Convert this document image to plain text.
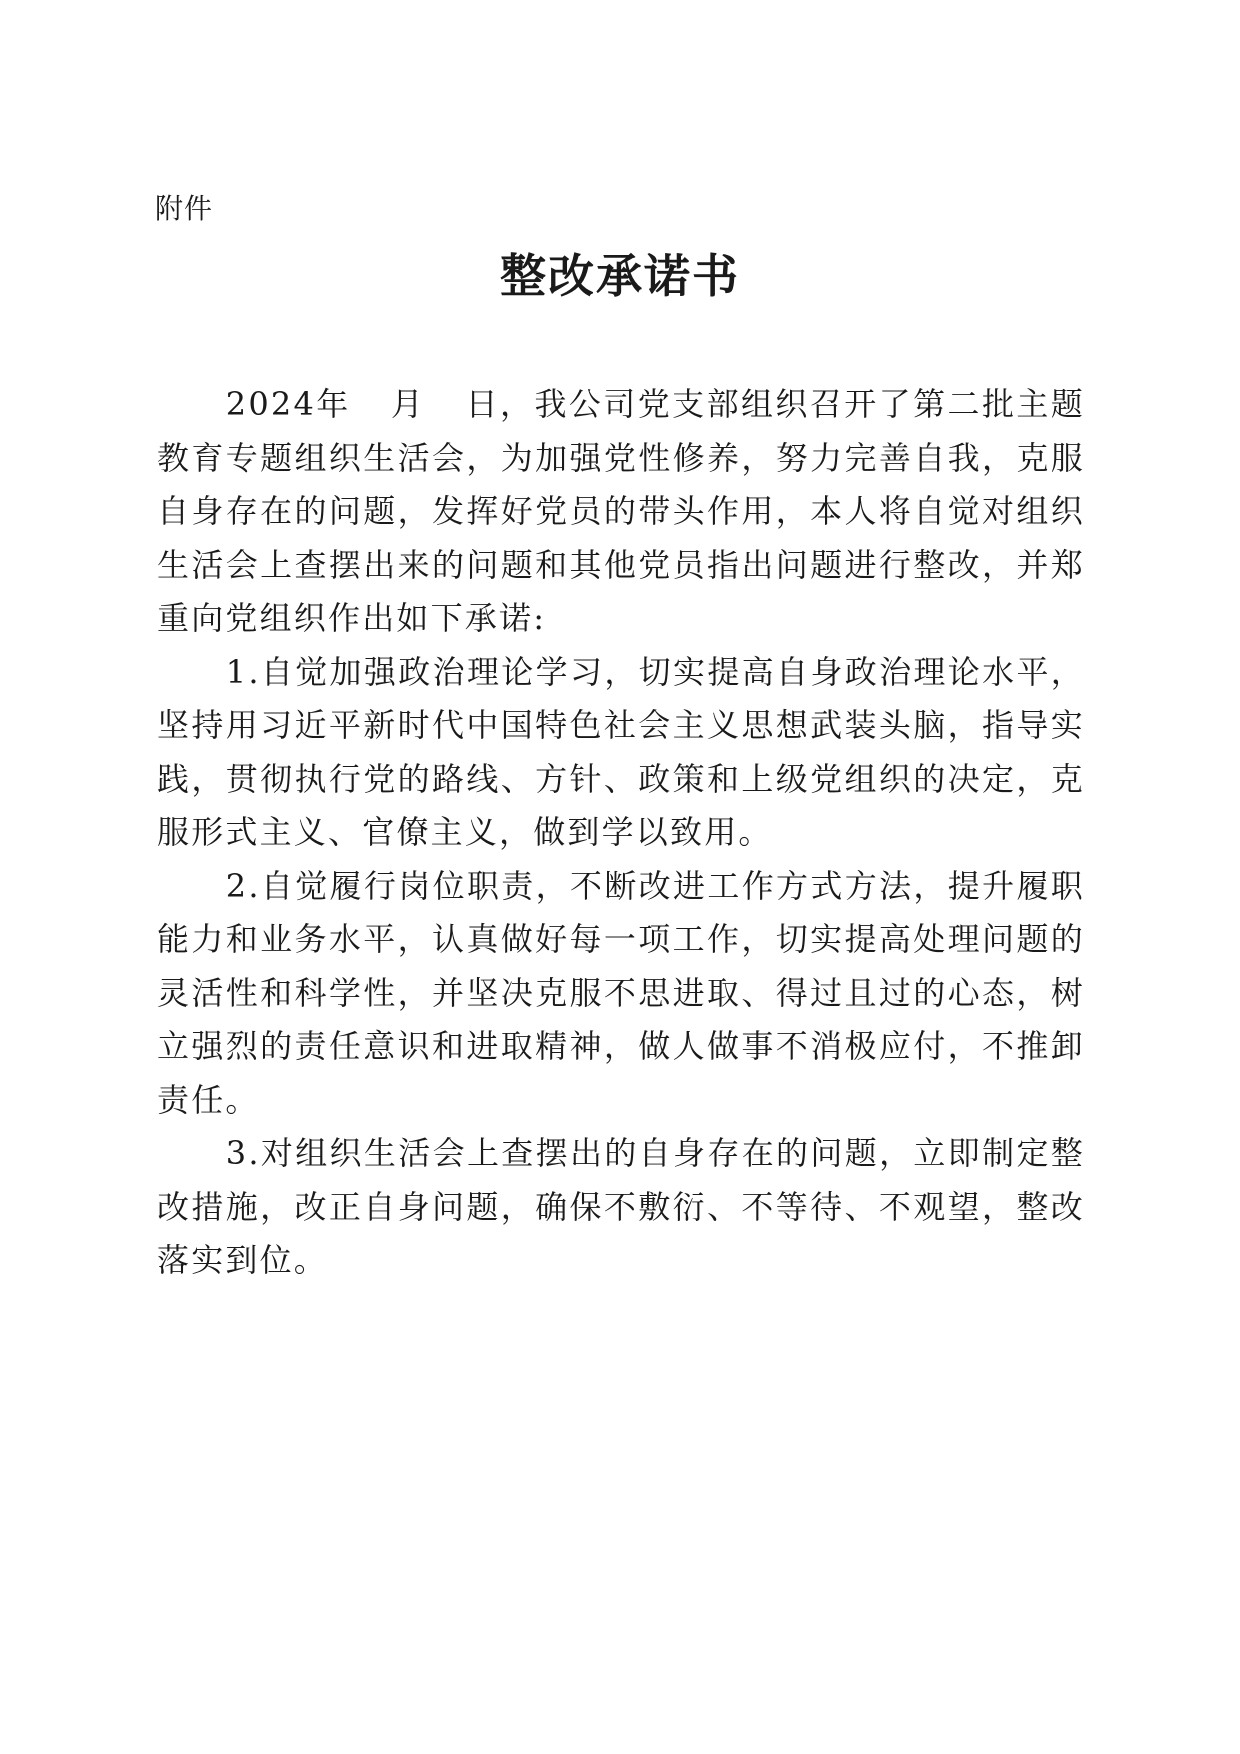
附件
整改承诺书

2024年 月 日，我公司党支部组织召开了第二批主题教育专题组织生活会，为加强党性修养，努力完善自我，克服自身存在的问题，发挥好党员的带头作用，本人将自觉对组织生活会上查摆出来的问题和其他党员指出问题进行整改，并郑重向党组织作出如下承诺:

1.自觉加强政治理论学习，切实提高自身政治理论水平，坚持用习近平新时代中国特色社会主义思想武装头脑，指导实践，贯彻执行党的路线、方针、政策和上级党组织的决定，克服形式主义、官僚主义，做到学以致用。

2.自觉履行岗位职责，不断改进工作方式方法，提升履职能力和业务水平，认真做好每一项工作，切实提高处理问题的灵活性和科学性，并坚决克服不思进取、得过且过的心态，树立强烈的责任意识和进取精神，做人做事不消极应付，不推卸责任。

3.对组织生活会上查摆出的自身存在的问题，立即制定整改措施，改正自身问题，确保不敷衍、不等待、不观望，整改落实到位。
